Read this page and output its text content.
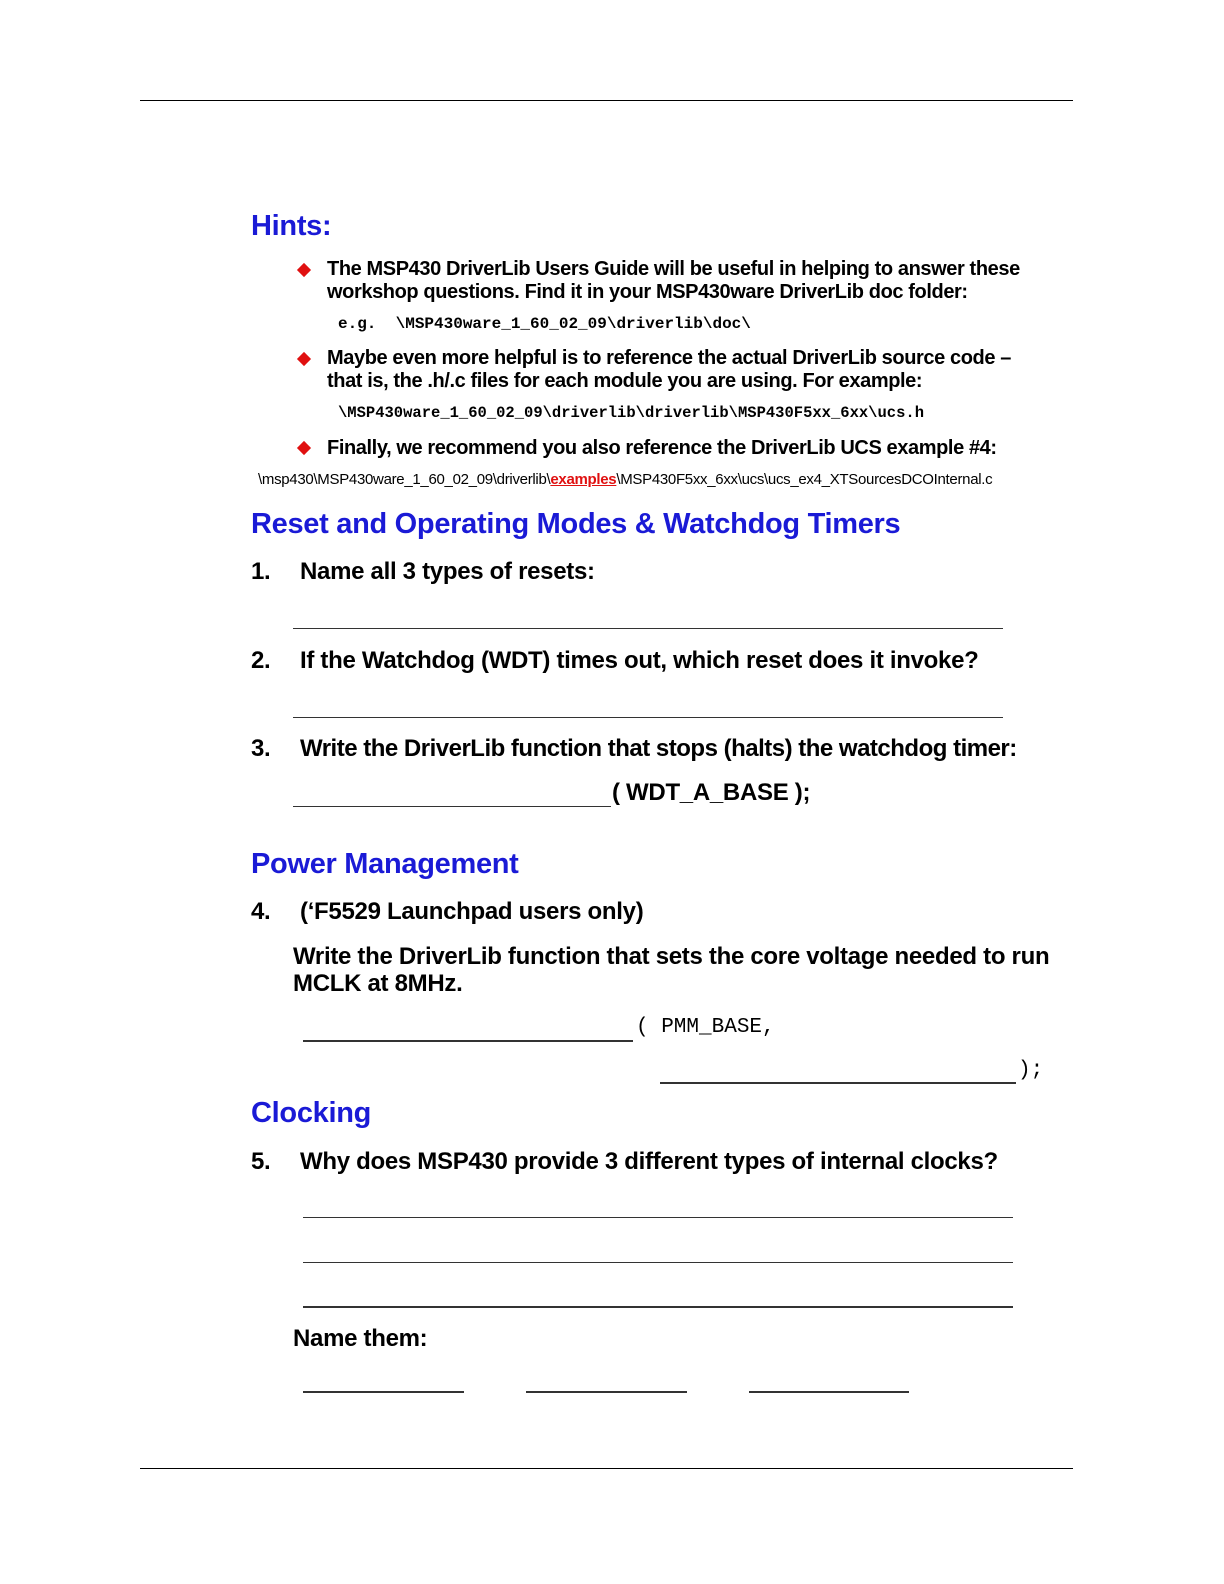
Hints:
The MSP430 DriverLib Users Guide will be useful in helping to answer these
workshop questions. Find it in your MSP430ware DriverLib doc folder:
e.g.  \MSP430ware_1_60_02_09\driverlib\doc\
Maybe even more helpful is to reference the actual DriverLib source code –
that is, the .h/.c files for each module you are using. For example:
\MSP430ware_1_60_02_09\driverlib\driverlib\MSP430F5xx_6xx\ucs.h
Finally, we recommend you also reference the DriverLib UCS example #4:
\msp430\MSP430ware_1_60_02_09\driverlib\examples\MSP430F5xx_6xx\ucs\ucs_ex4_XTSourcesDCOInternal.c
Reset and Operating Modes & Watchdog Timers
1. Name all 3 types of resets:
2. If the Watchdog (WDT) times out, which reset does it invoke?
3. Write the DriverLib function that stops (halts) the watchdog timer:
( WDT_A_BASE );
Power Management
4. (‘F5529 Launchpad users only)
Write the DriverLib function that sets the core voltage needed to run
MCLK at 8MHz.
( PMM_BASE,
);
Clocking
5. Why does MSP430 provide 3 different types of internal clocks?
Name them:
